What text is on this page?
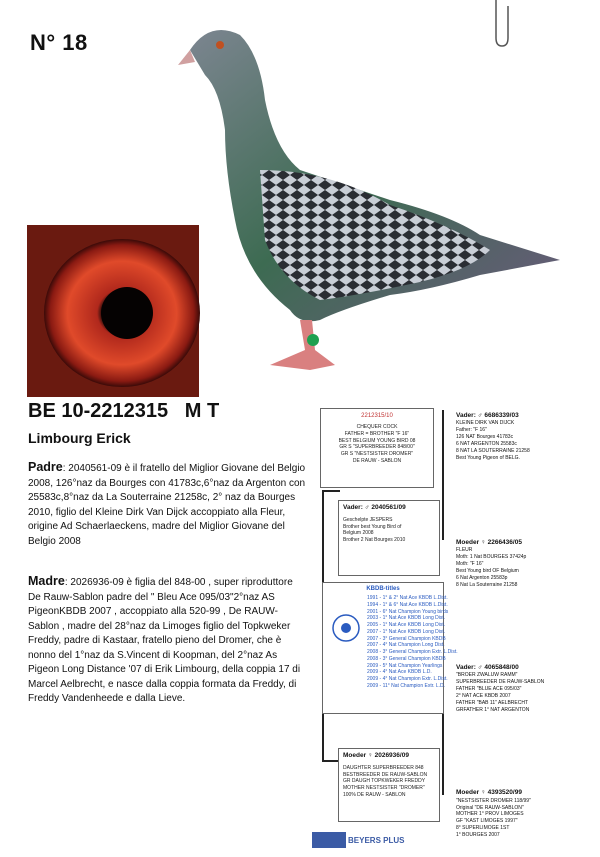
N° 18
BE 10-2212315   M T
Limbourg Erick
Padre: 2040561-09 è il fratello del Miglior Giovane del Belgio 2008, 126°naz da Bourges con 41783c,6°naz da Argenton con 25583c,8°naz da La Souterraine 21258c, 2° naz da Bourges 2010, figlio del Kleine Dirk Van Dijck accoppiato alla Fleur, origine Ad Schaerlaeckens, madre del Miglior Giovane del Belgio 2008
Madre: 2026936-09 è figlia del 848-00 , super riproduttore De Rauw-Sablon padre del " Bleu Ace 095/03"2°naz AS PigeonKBDB 2007 , accoppiato alla 520-99 , De RAUW-Sablon , madre del 28°naz da Limoges figlio del Topkweker Freddy, padre di Kastaar, fratello pieno del Dromer, che è nonno del 1°naz da S.Vincent di Koopman, del 2°naz As Pigeon Long Distance '07 di Erik Limbourg, della coppia 17 di Marcel Aelbrecht, e nasce dalla coppia formata da Freddy, di Freddy Vandenheede e dalla Lieve.
2212315/10
CHEQUER COCK
FATHER = BROTHER "F 16"
BEST BELGIUM YOUNG BIRD 08
GR S "SUPERBREEDER 848/00"
GR S "NESTSISTER DROMER"
DE RAUW - SABLON
Vader: ♂ 2040561/09
Geschelpte JESPERS
Brother best Young Bird of
Belgium 2008
Brother 2 Nat Bourges 2010
KBDB-titles
1991 - 1° & 2° Nat Ace KBDB L.Dist.
1994 - 1° & 6° Nat Ace KBDB L.Dist.
2001 - 6° Nat Champion Young birds
2003 - 1° Nat Ace KBDB Long Dist.
2005 - 1° Nat Ace KBDB Long Dist.
2007 - 1° Nat Ace KBDB Long Dist.
2007 - 3° General Champion KBDB
2007 - 4° Nat Champion Long Dist.
2008 - 3° General Champion Extr. L.Dist.
2008 - 3° General Champion KBDB
2009 - 5° Nat Champion Yearlings
2009 - 4° Nat Ace KBDB L.D.
2009 - 4° Nat Champion Extr. L.Dist.
2009 - 11° Nat Champion Extr. L.D.
Moeder ♀ 2026936/09
DAUGHTER SUPERBREEDER 848
BESTBREEDER DE RAUW-SABLON
GR DAUGH TOPKWEKER FREDDY
MOTHER NESTSISTER "DROMER"
100% DE RAUW - SABLON
Vader: ♂ 6686339/03
KLEINE DIRK VAN DIJCK
Father: "F 16"
126 NAT Bourges 41783c
6 NAT ARGENTON 25583c
8 NAT LA SOUTERRAINE 21258
Best Young Pigeon of BELG.
Moeder ♀ 2266436/05
FLEUR
Moth: 1 Nat BOURGES 37424p
Moth: "F 16"
Best Young bird OF Belgium
6 Nat Argenton 25583p
8 Nat La Souterraine 21258
Vader: ♂ 4065848/00
"BROER ZWALUW RAMM"
SUPERBREEDER DE RAUW-SABLON
FATHER "BLUE ACE 095/03"
2° NAT ACE KBDB 2007
FATHER "BAB 11" AELBRECHT
GRFATHER 1° NAT ARGENTON
Moeder ♀ 4393520/99
"NESTSISTER DROMER 118/99"
Original "DE RAUW-SABLON"
MOTHER 1° PROV LIMOGES
GF "KAST LIMOGES 1997"
8° SUPERLIMOGE 1ST
1° BOURGES 2007
BEYERS PLUS
